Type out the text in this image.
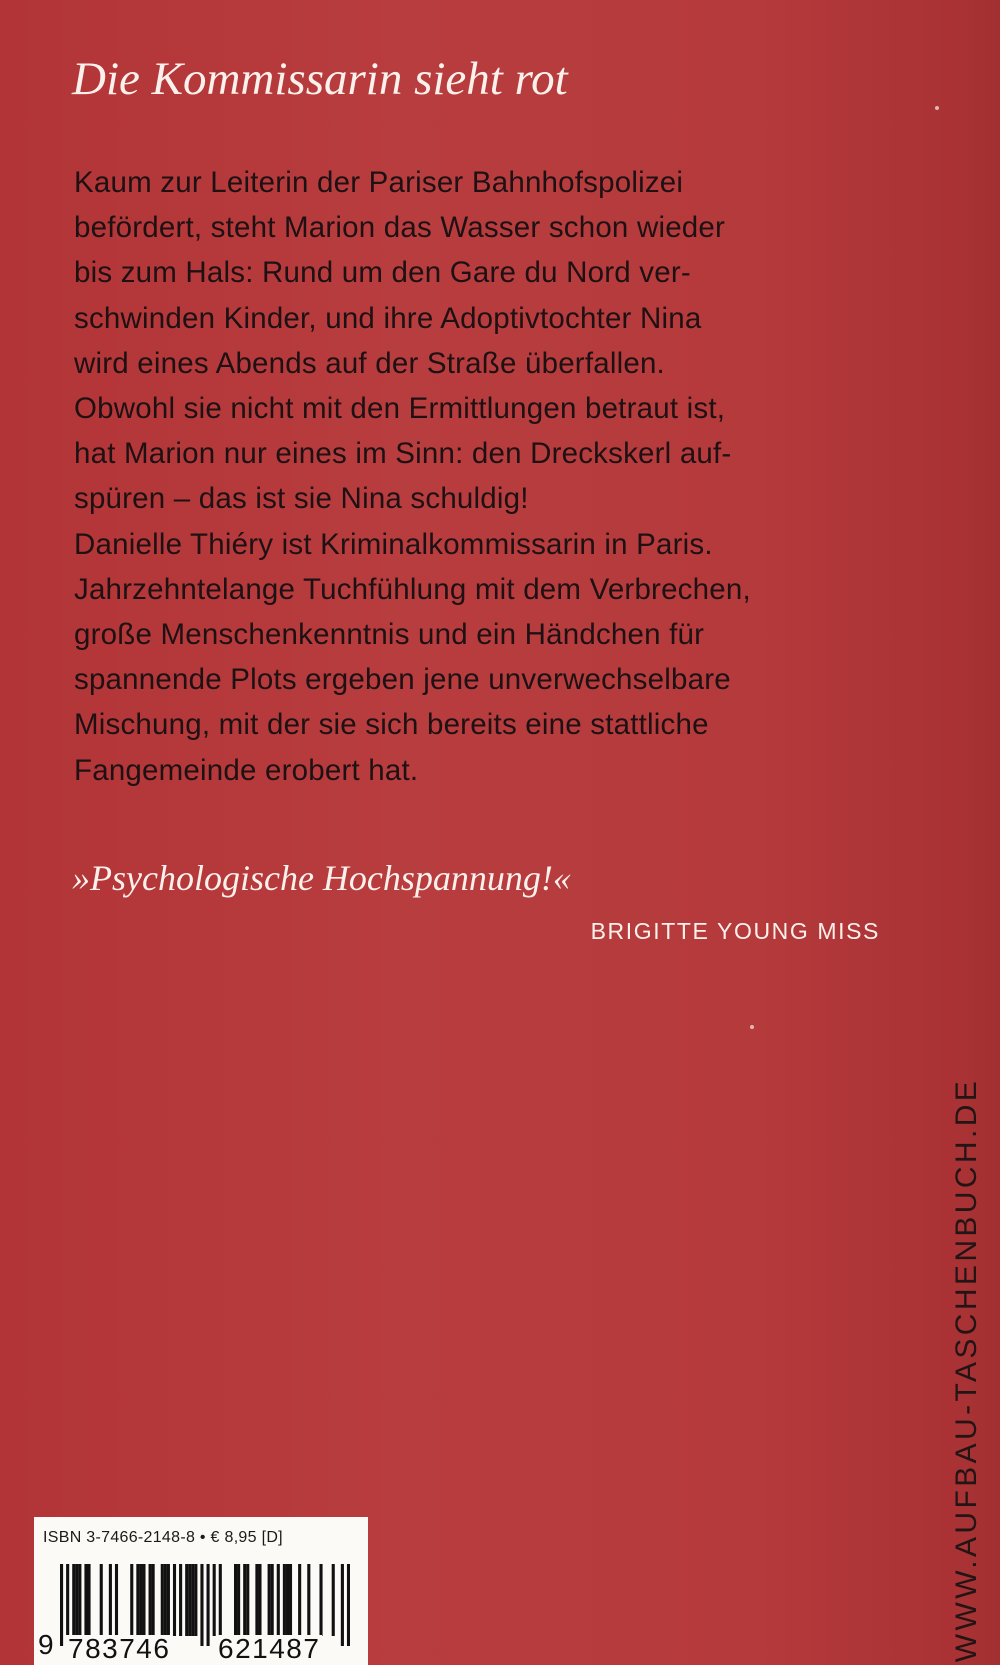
Die Kommissarin sieht rot

Kaum zur Leiterin der Pariser Bahnhofspolizei
befördert, steht Marion das Wasser schon wieder
bis zum Hals: Rund um den Gare du Nord ver-
schwinden Kinder, und ihre Adoptivtochter Nina
wird eines Abends auf der Straße überfallen.
Obwohl sie nicht mit den Ermittlungen betraut ist,
hat Marion nur eines im Sinn: den Dreckskerl auf-
spüren – das ist sie Nina schuldig!
Danielle Thiéry ist Kriminalkommissarin in Paris.
Jahrzehntelange Tuchfühlung mit dem Verbrechen,
große Menschenkenntnis und ein Händchen für
spannende Plots ergeben jene unverwechselbare
Mischung, mit der sie sich bereits eine stattliche
Fangemeinde erobert hat.

»Psychologische Hochspannung!«
BRIGITTE YOUNG MISS
WWW.AUFBAU-TASCHENBUCH.DE
ISBN 3-7466-2148-8 • € 8,95 [D]
9 783746 621487
